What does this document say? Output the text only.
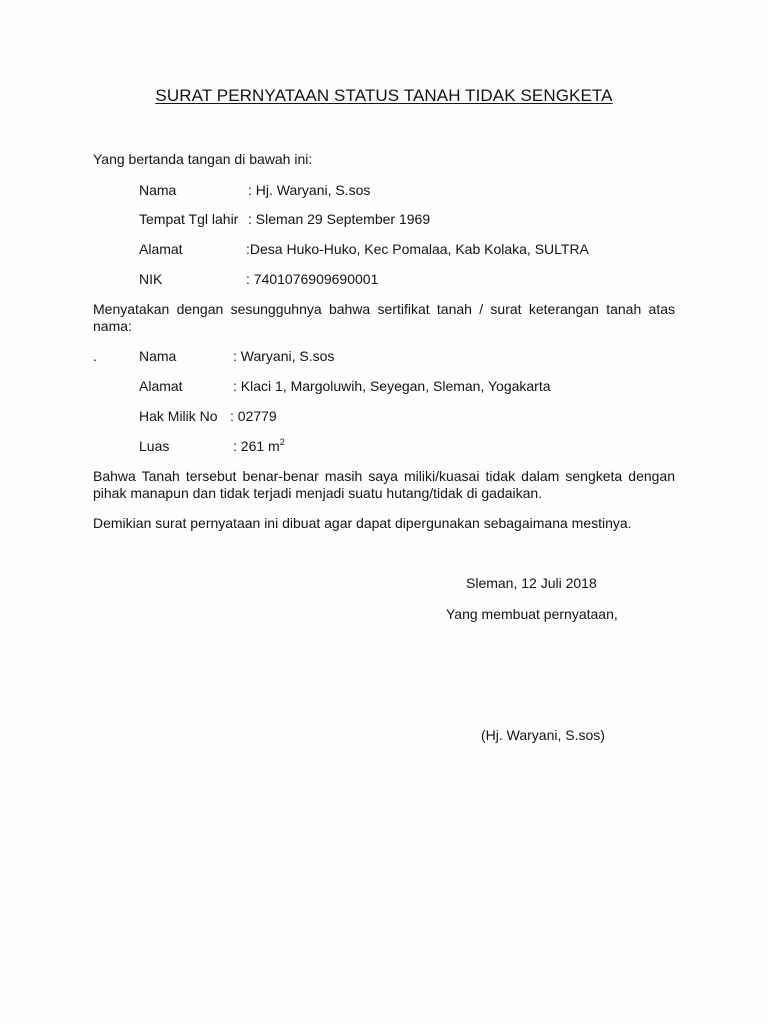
SURAT PERNYATAAN STATUS TANAH TIDAK SENGKETA
Yang bertanda tangan di bawah ini:
Nama	: Hj. Waryani, S.sos
Tempat Tgl lahir : Sleman 29 September 1969
Alamat	:Desa Huko-Huko, Kec Pomalaa, Kab Kolaka, SULTRA
NIK	: 7401076909690001
Menyatakan dengan sesungguhnya bahwa sertifikat tanah / surat keterangan tanah atas nama:
.	Nama	: Waryani, S.sos
Alamat	: Klaci 1, Margoluwih, Seyegan, Sleman, Yogakarta
Hak Milik No : 02779
Luas	: 261 $m^2$
Bahwa Tanah tersebut benar-benar masih saya miliki/kuasai tidak dalam sengketa dengan pihak manapun dan tidak terjadi menjadi suatu hutang/tidak di gadaikan.
Demikian surat pernyataan ini dibuat agar dapat dipergunakan sebagaimana mestinya.
Sleman, 12 Juli 2018
Yang membuat pernyataan,
(Hj. Waryani, S.sos)
